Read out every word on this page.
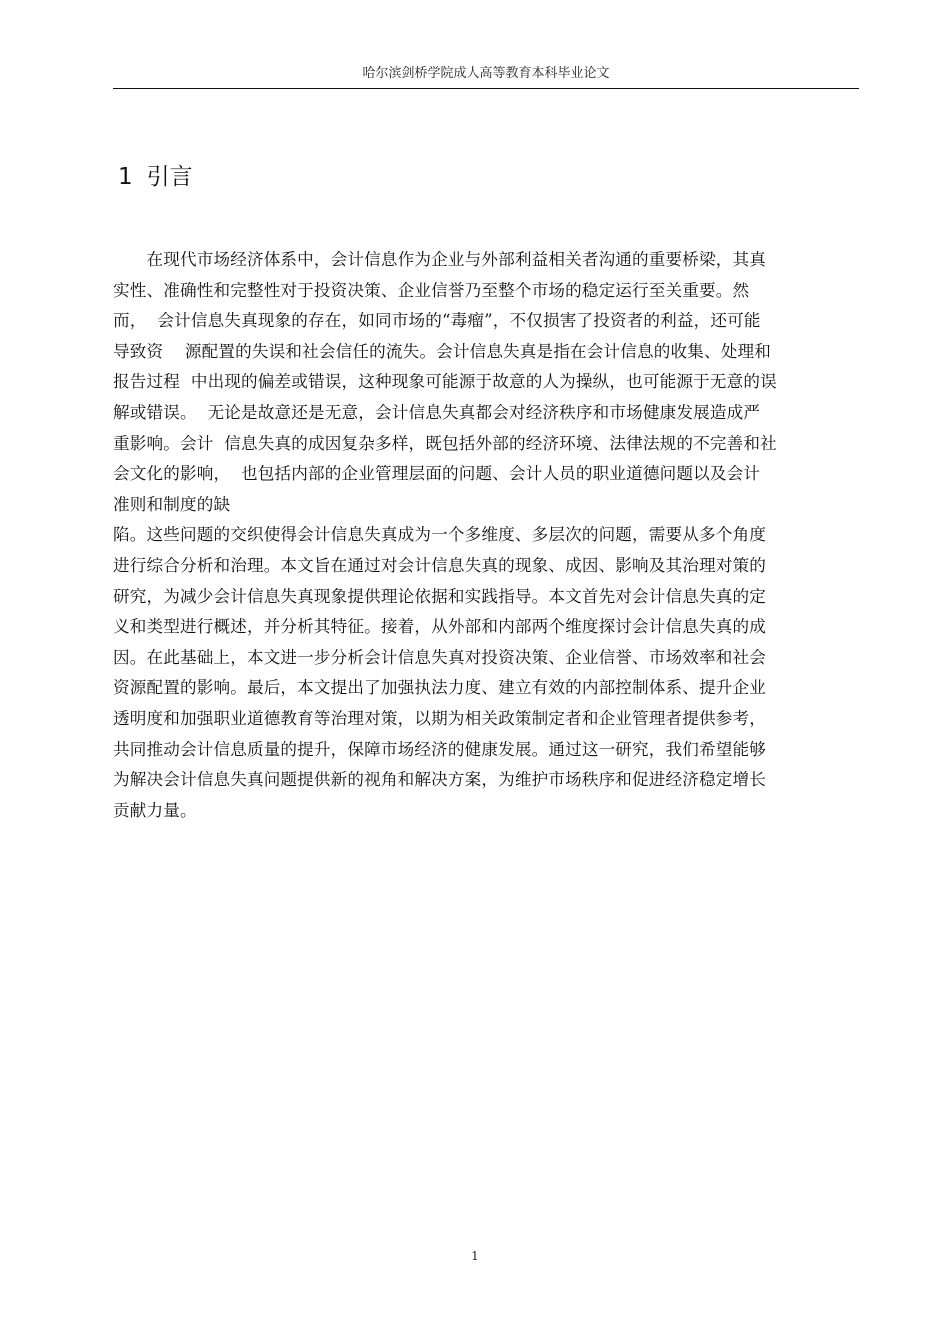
哈尔滨剑桥学院成人高等教育本科毕业论文
1 引言
　　在现代市场经济体系中，会计信息作为企业与外部利益相关者沟通的重要桥梁，其真
实性、准确性和完整性对于投资决策、企业信誉乃至整个市场的稳定运行至关重要。然
而，  会计信息失真现象的存在，如同市场的“毒瘤”，不仅损害了投资者的利益，还可能
导致资    源配置的失误和社会信任的流失。会计信息失真是指在会计信息的收集、处理和
报告过程  中出现的偏差或错误，这种现象可能源于故意的人为操纵，也可能源于无意的误
解或错误。  无论是故意还是无意，会计信息失真都会对经济秩序和市场健康发展造成严
重影响。会计  信息失真的成因复杂多样，既包括外部的经济环境、法律法规的不完善和社
会文化的影响，  也包括内部的企业管理层面的问题、会计人员的职业道德问题以及会计
准则和制度的缺
陷。这些问题的交织使得会计信息失真成为一个多维度、多层次的问题，需要从多个角度
进行综合分析和治理。本文旨在通过对会计信息失真的现象、成因、影响及其治理对策的
研究，为减少会计信息失真现象提供理论依据和实践指导。本文首先对会计信息失真的定
义和类型进行概述，并分析其特征。接着，从外部和内部两个维度探讨会计信息失真的成
因。在此基础上，本文进一步分析会计信息失真对投资决策、企业信誉、市场效率和社会
资源配置的影响。最后，本文提出了加强执法力度、建立有效的内部控制体系、提升企业
透明度和加强职业道德教育等治理对策，以期为相关政策制定者和企业管理者提供参考，
共同推动会计信息质量的提升，保障市场经济的健康发展。通过这一研究，我们希望能够
为解决会计信息失真问题提供新的视角和解决方案，为维护市场秩序和促进经济稳定增长
贡献力量。
1
